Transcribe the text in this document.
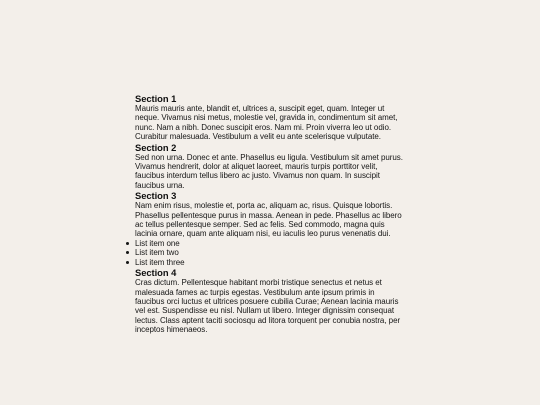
Section 1

Mauris mauris ante, blandit et, ultrices a, suscipit eget, quam. Integer ut neque. Vivamus nisi metus, molestie vel, gravida in, condimentum sit amet, nunc. Nam a nibh. Donec suscipit eros. Nam mi. Proin viverra leo ut odio. Curabitur malesuada. Vestibulum a velit eu ante scelerisque vulputate.

Section 2

Sed non urna. Donec et ante. Phasellus eu ligula. Vestibulum sit amet purus. Vivamus hendrerit, dolor at aliquet laoreet, mauris turpis porttitor velit, faucibus interdum tellus libero ac justo. Vivamus non quam. In suscipit faucibus urna.

Section 3

Nam enim risus, molestie et, porta ac, aliquam ac, risus. Quisque lobortis. Phasellus pellentesque purus in massa. Aenean in pede. Phasellus ac libero ac tellus pellentesque semper. Sed ac felis. Sed commodo, magna quis lacinia ornare, quam ante aliquam nisi, eu iaculis leo purus venenatis dui.

List item one
List item two
List item three
Section 4

Cras dictum. Pellentesque habitant morbi tristique senectus et netus et malesuada fames ac turpis egestas. Vestibulum ante ipsum primis in faucibus orci luctus et ultrices posuere cubilia Curae; Aenean lacinia mauris vel est. Suspendisse eu nisl. Nullam ut libero. Integer dignissim consequat lectus. Class aptent taciti sociosqu ad litora torquent per conubia nostra, per inceptos himenaeos.
